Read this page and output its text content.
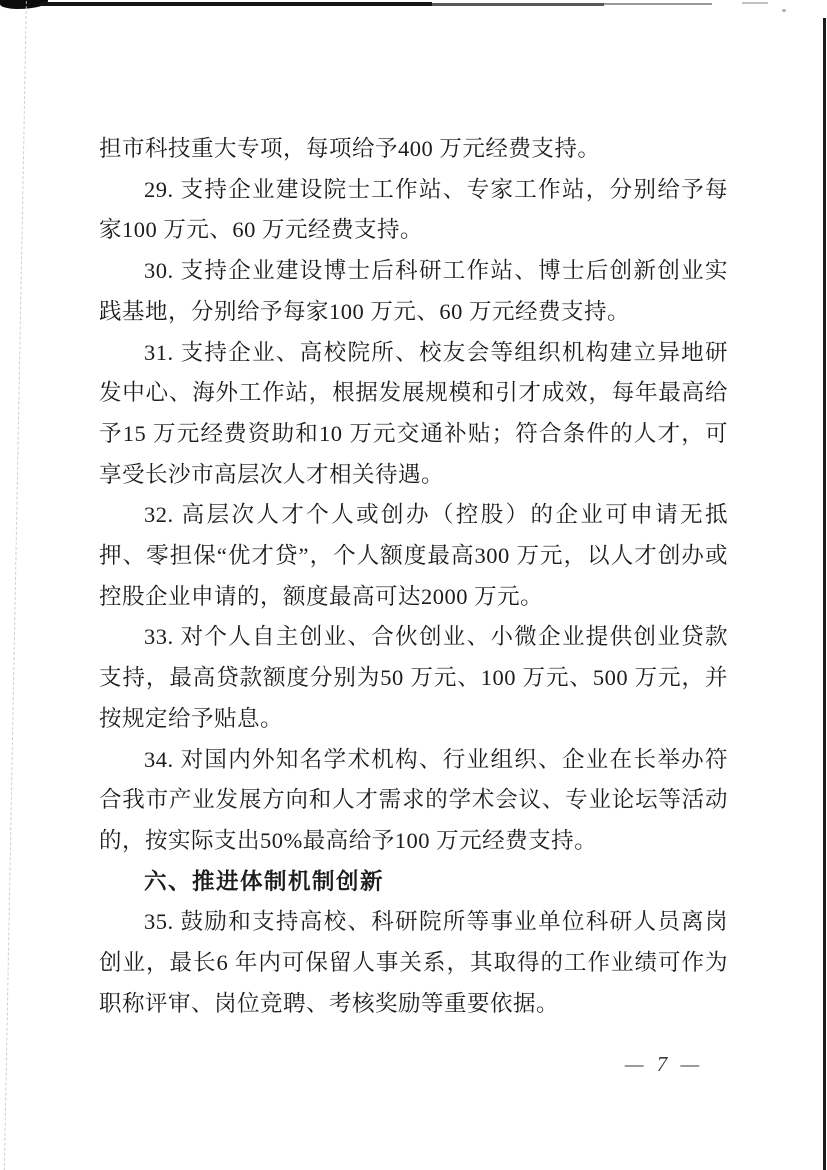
担市科技重大专项，每项给予400 万元经费支持。

29. 支持企业建设院士工作站、专家工作站，分别给予每家100 万元、60 万元经费支持。

30. 支持企业建设博士后科研工作站、博士后创新创业实践基地，分别给予每家100 万元、60 万元经费支持。

31. 支持企业、高校院所、校友会等组织机构建立异地研发中心、海外工作站，根据发展规模和引才成效，每年最高给予15 万元经费资助和10 万元交通补贴；符合条件的人才，可享受长沙市高层次人才相关待遇。

32. 高层次人才个人或创办（控股）的企业可申请无抵押、零担保“优才贷”，个人额度最高300 万元，以人才创办或控股企业申请的，额度最高可达2000 万元。

33. 对个人自主创业、合伙创业、小微企业提供创业贷款支持，最高贷款额度分别为50 万元、100 万元、500 万元，并按规定给予贴息。

34. 对国内外知名学术机构、行业组织、企业在长举办符合我市产业发展方向和人才需求的学术会议、专业论坛等活动的，按实际支出50%最高给予100 万元经费支持。

六、推进体制机制创新

35. 鼓励和支持高校、科研院所等事业单位科研人员离岗创业，最长6 年内可保留人事关系，其取得的工作业绩可作为职称评审、岗位竞聘、考核奖励等重要依据。

— 7 —
